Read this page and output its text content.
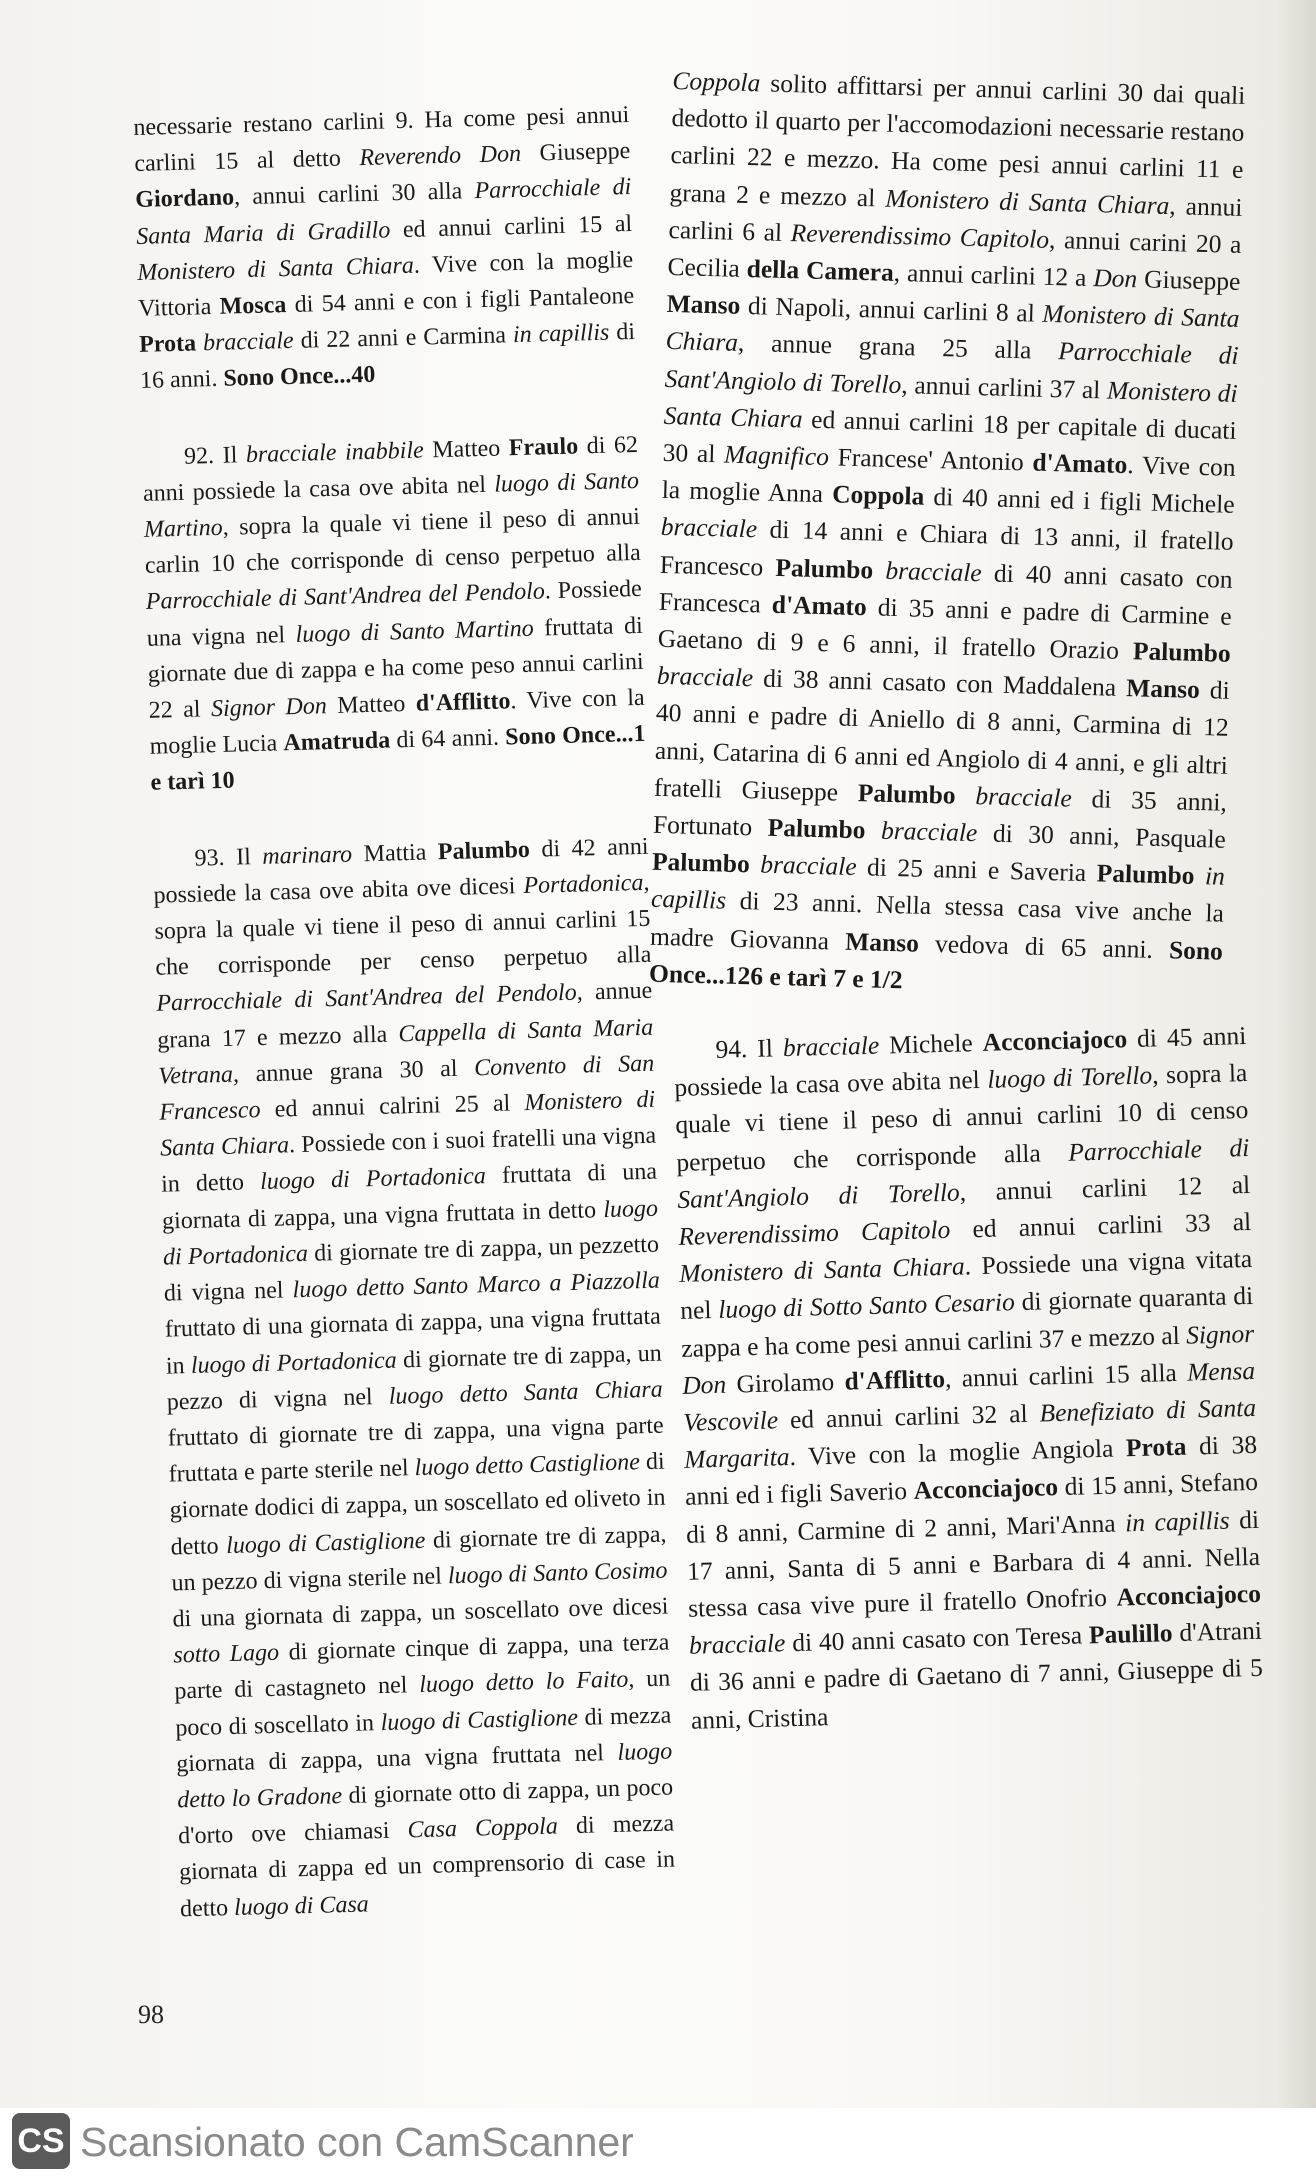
necessarie restano carlini 9. Ha come pesi annui carlini 15 al detto Reverendo Don Giuseppe Giordano, annui carlini 30 alla Parrocchiale di Santa Maria di Gradillo ed annui carlini 15 al Monistero di Santa Chiara. Vive con la moglie Vittoria Mosca di 54 anni e con i figli Pantaleone Prota bracciale di 22 anni e Carmina in capillis di 16 anni. Sono Once...40

92. Il bracciale inabbile Matteo Fraulo di 62 anni possiede la casa ove abita nel luogo di Santo Martino, sopra la quale vi tiene il peso di annui carlin 10 che corrisponde di censo perpetuo alla Parrocchiale di Sant'Andrea del Pendolo. Possiede una vigna nel luogo di Santo Martino fruttata di giornate due di zappa e ha come peso annui carlini 22 al Signor Don Matteo d'Afflitto. Vive con la moglie Lucia Amatruda di 64 anni. Sono Once...1 e tarì 10

93. Il marinaro Mattia Palumbo di 42 anni possiede la casa ove abita ove dicesi Portadonica, sopra la quale vi tiene il peso di annui carlini 15 che corrisponde per censo perpetuo alla Parrocchiale di Sant'Andrea del Pendolo, annue grana 17 e mezzo alla Cappella di Santa Maria Vetrana, annue grana 30 al Convento di San Francesco ed annui calrini 25 al Monistero di Santa Chiara. Possiede con i suoi fratelli una vigna in detto luogo di Portadonica fruttata di una giornata di zappa, una vigna fruttata in detto luogo di Portadonica di giornate tre di zappa, un pezzetto di vigna nel luogo detto Santo Marco a Piazzolla fruttato di una giornata di zappa, una vigna fruttata in luogo di Portadonica di giornate tre di zappa, un pezzo di vigna nel luogo detto Santa Chiara fruttato di giornate tre di zappa, una vigna parte fruttata e parte sterile nel luogo detto Castiglione di giornate dodici di zappa, un soscellato ed oliveto in detto luogo di Castiglione di giornate tre di zappa, un pezzo di vigna sterile nel luogo di Santo Cosimo di una giornata di zappa, un soscellato ove dicesi sotto Lago di giornate cinque di zappa, una terza parte di castagneto nel luogo detto lo Faito, un poco di soscellato in luogo di Castiglione di mezza giornata di zappa, una vigna fruttata nel luogo detto lo Gradone di giornate otto di zappa, un poco d'orto ove chiamasi Casa Coppola di mezza giornata di zappa ed un comprensorio di case in detto luogo di Casa

Coppola solito affittarsi per annui carlini 30 dai quali dedotto il quarto per l'accomodazioni necessarie restano carlini 22 e mezzo. Ha come pesi annui carlini 11 e grana 2 e mezzo al Monistero di Santa Chiara, annui carlini 6 al Reverendissimo Capitolo, annui carini 20 a Cecilia della Camera, annui carlini 12 a Don Giuseppe Manso di Napoli, annui carlini 8 al Monistero di Santa Chiara, annue grana 25 alla Parrocchiale di Sant'Angiolo di Torello, annui carlini 37 al Monistero di Santa Chiara ed annui carlini 18 per capitale di ducati 30 al Magnifico Francese' Antonio d'Amato. Vive con la moglie Anna Coppola di 40 anni ed i figli Michele bracciale di 14 anni e Chiara di 13 anni, il fratello Francesco Palumbo bracciale di 40 anni casato con Francesca d'Amato di 35 anni e padre di Carmine e Gaetano di 9 e 6 anni, il fratello Orazio Palumbo bracciale di 38 anni casato con Maddalena Manso di 40 anni e padre di Aniello di 8 anni, Carmina di 12 anni, Catarina di 6 anni ed Angiolo di 4 anni, e gli altri fratelli Giuseppe Palumbo bracciale di 35 anni, Fortunato Palumbo bracciale di 30 anni, Pasquale Palumbo bracciale di 25 anni e Saveria Palumbo in capillis di 23 anni. Nella stessa casa vive anche la madre Giovanna Manso vedova di 65 anni. Sono Once...126 e tarì 7 e 1/2

94. Il bracciale Michele Acconciajoco di 45 anni possiede la casa ove abita nel luogo di Torello, sopra la quale vi tiene il peso di annui carlini 10 di censo perpetuo che corrisponde alla Parrocchiale di Sant'Angiolo di Torello, annui carlini 12 al Reverendissimo Capitolo ed annui carlini 33 al Monistero di Santa Chiara. Possiede una vigna vitata nel luogo di Sotto Santo Cesario di giornate quaranta di zappa e ha come pesi annui carlini 37 e mezzo al Signor Don Girolamo d'Afflitto, annui carlini 15 alla Mensa Vescovile ed annui carlini 32 al Benefiziato di Santa Margarita. Vive con la moglie Angiola Prota di 38 anni ed i figli Saverio Acconciajoco di 15 anni, Stefano di 8 anni, Carmine di 2 anni, Mari'Anna in capillis di 17 anni, Santa di 5 anni e Barbara di 4 anni. Nella stessa casa vive pure il fratello Onofrio Acconciajoco bracciale di 40 anni casato con Teresa Paulillo d'Atrani di 36 anni e padre di Gaetano di 7 anni, Giuseppe di 5 anni, Cristina

98
CS Scansionato con CamScanner
